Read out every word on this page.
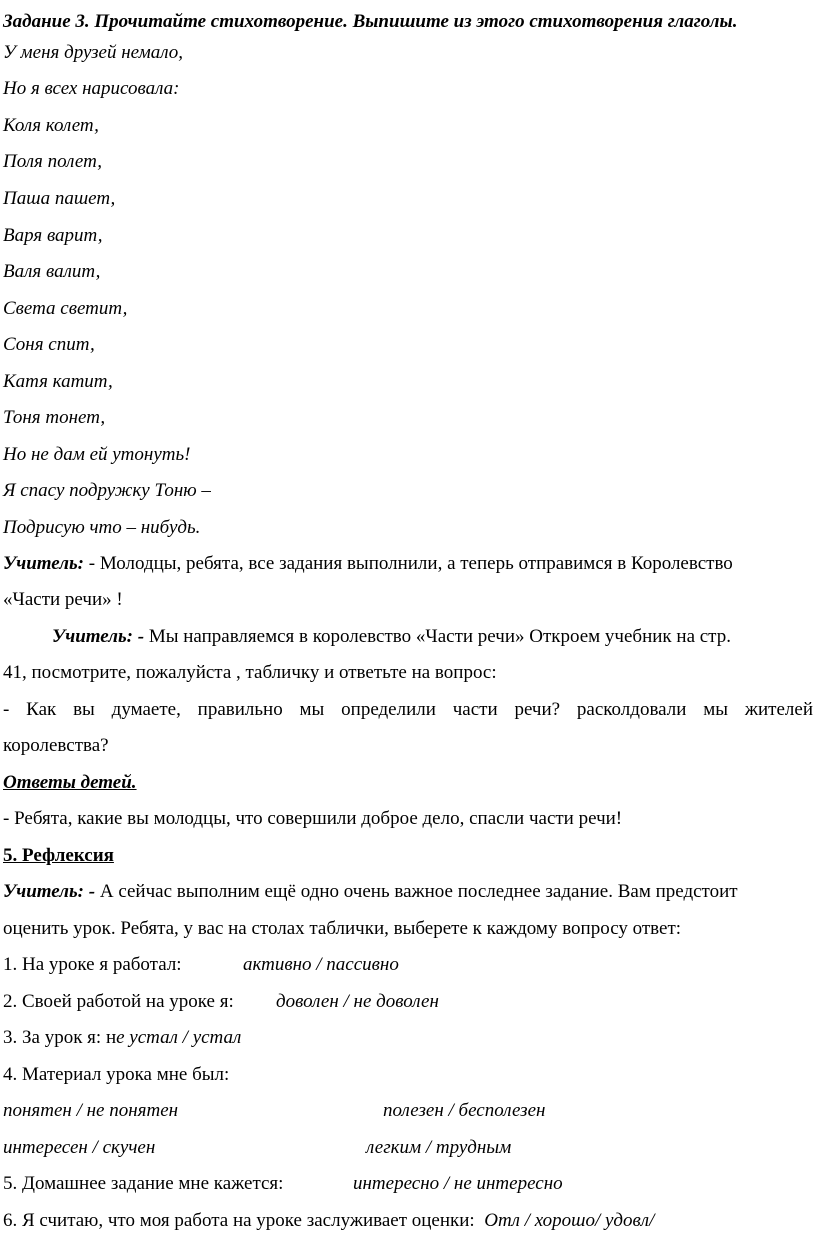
Задание 3. Прочитайте стихотворение. Выпишите из этого стихотворения глаголы.
У меня друзей немало,
Но я всех нарисовала:
Коля колет,
Поля полет,
Паша пашет,
Варя варит,
Валя валит,
Света светит,
Соня спит,
Катя катит,
Тоня тонет,
Но не дам ей утонуть!
Я спасу подружку Тоню –
Подрисую что – нибудь.
Учитель: - Молодцы, ребята, все задания выполнили, а теперь отправимся в Королевство
«Части речи» !
Учитель: - Мы направляемся в королевство «Части речи» Откроем учебник на стр.
41, посмотрите, пожалуйста , табличку и ответьте на вопрос:
- Как вы думаете, правильно мы определили части речи? расколдовали мы жителей
королевства?
Ответы детей.
- Ребята, какие вы молодцы, что совершили доброе дело, спасли части речи!
5. Рефлексия
Учитель: - А сейчас выполним ещё одно очень важное последнее задание. Вам предстоит
оценить урок. Ребята, у вас на столах таблички, выберете к каждому вопросу ответ:
1. На уроке я работал:	активно / пассивно
2. Своей работой на уроке я: доволен / не доволен
3. За урок я: не устал / устал
4. Материал урока мне был:
понятен / не понятен	полезен / бесполезен
интересен / скучен	легким / трудным
5. Домашнее задание мне кажется:	интересно / не интересно
6. Я считаю, что моя работа на уроке заслуживает оценки: Отл / хорошо/ удовл/
